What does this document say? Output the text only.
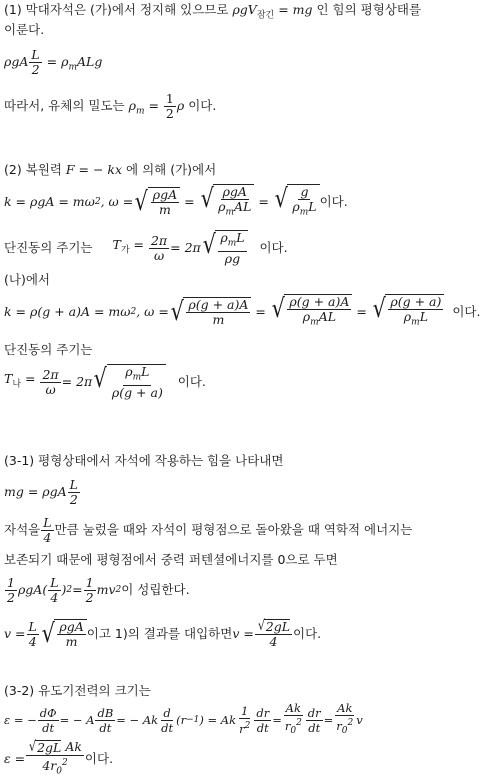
(1) 막대자석은 (가)에서 정지해 있으므로 ρgV$_{잠긴}$ = mg 인 힘의 평형상태를
이룬다.
ρgA $\frac{L}{2} = \rho_mALg$
따라서, 유체의 밀도는 $\rho_m = \frac{1}{2}$ ρ 이다.
(2) 복원력 F = − kx 에 의해 (가)에서
k = ρgA = mω 2 , ω = √ $\frac{\text{ρgA}}{m}$ = √ $\frac{\text{ρgA}}{\rho_mAL}$ = √ $\frac{g}{\rho_mL}$ 이다.
단진동의 주기는 $T_가 = \frac{2\pi}{\omega} = 2\pi$ √ $\frac{\rho_mL}{\rho g}$ 이다.
(나)에서
k = ρ(g + a)A = mω 2 , ω = √ $\frac{\rho(g + a)A}{m}$ = √ $\frac{\rho(g + a)A}{\rho_mAL}$ = √ $\frac{\rho(g + a)}{\rho_mL}$ 이다.
단진동의 주기는
$T_나 = \frac{2\pi}{\omega} = 2\pi$ √ $\frac{\rho_mL}{\rho(g + a)}$ 이다.
(3-1) 평형상태에서 자석에 작용하는 힘을 나타내면
mg = ρgA $\frac{L}{2}$
자석을 $\frac{L}{4}$ 만큼 눌렀을 때와 자석이 평형점으로 돌아왔을 때 역학적 에너지는
보존되기 때문에 평형점에서 중력 퍼텐셜에너지를 0으로 두면
$\frac{1}{2} \rho gA( \frac{L}{4}$ ) $2 = \frac{1}{2}$ mv 2 이 성립한다.
$v = \frac{L}{4}$ √ $\frac{\text{ρgA}}{m}$ 이고 1)의 결과를 대입하면 $v = \frac{√ 2gL}{4}$ 이다.
(3-2) 유도기전력의 크기는
ε = − $\frac{d\Phi}{dt}$ = − A $\frac{dB}{dt}$ = − Ak $\frac{d}{dt} (r -1$ ) = Ak $\frac{1}{r^2} \frac{dr}{dt} = \frac{Ak}{r_0^2} \frac{dr}{dt} = \frac{Ak}{r_0^2}$ v
$\varepsilon = \frac{\text{√ 2gL Ak}}{4r_0^2}$ 이다.
